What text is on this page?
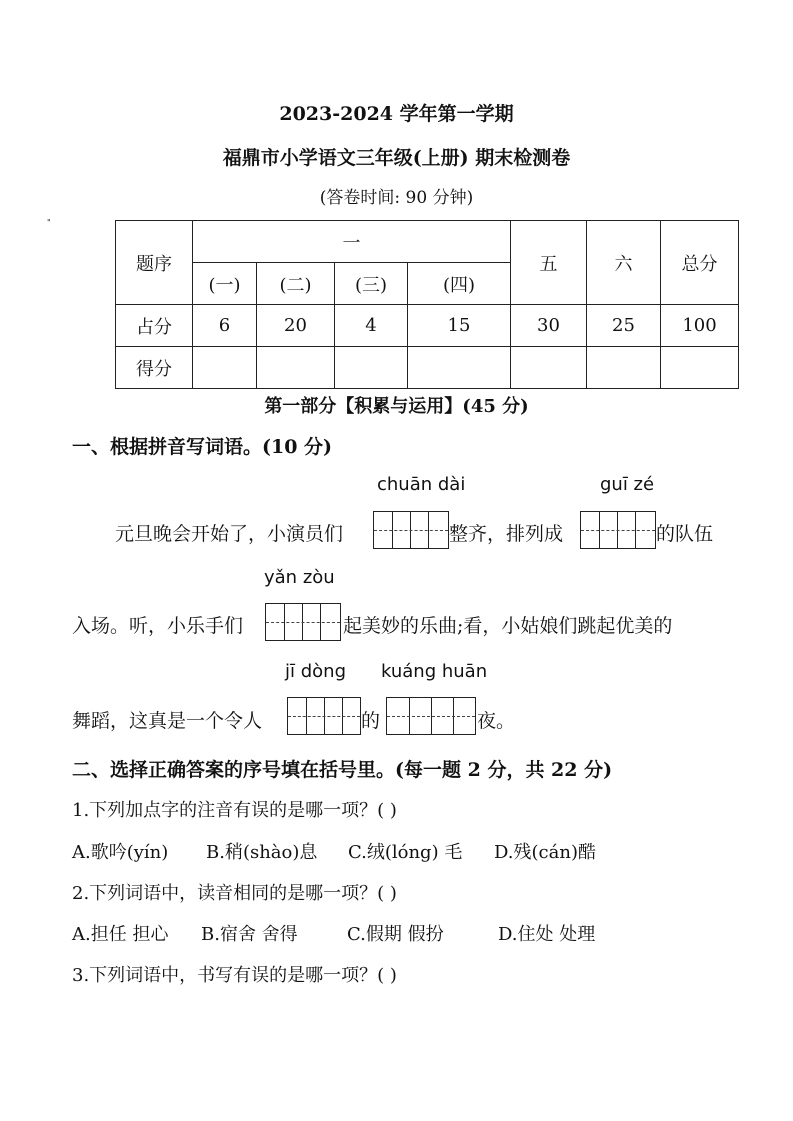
2023-2024 学年第一学期
福鼎市小学语文三年级(上册) 期末检测卷
(答卷时间: 90 分钟)
"
题序	一				五	六	总分
	(一)	(二)	(三)	(四)			
占分	6	20	4	15	30	25	100
得分							
第一部分【积累与运用】(45 分)
一、根据拼音写词语。(10 分)
chuān dài	guī zé
元旦晚会开始了，小演员们	整齐，排列成	的队伍
yǎn zòu
入场。听，小乐手们	起美妙的乐曲;看，小姑娘们跳起优美的
jī dòng kuáng huān
舞蹈，这真是一个令人	的	夜。
二、选择正确答案的序号填在括号里。(每一题 2 分，共 22 分)
1.下列加点字的注音有误的是哪一项？( )
A.歌吟(yín) B.稍(shào)息 C.绒(lóng) 毛 D.残(cán)酷
2.下列词语中，读音相同的是哪一项？( )
A.担任 担心 B.宿舍 舍得	C.假期 假扮	D.住处 处理
3.下列词语中，书写有误的是哪一项？( )
